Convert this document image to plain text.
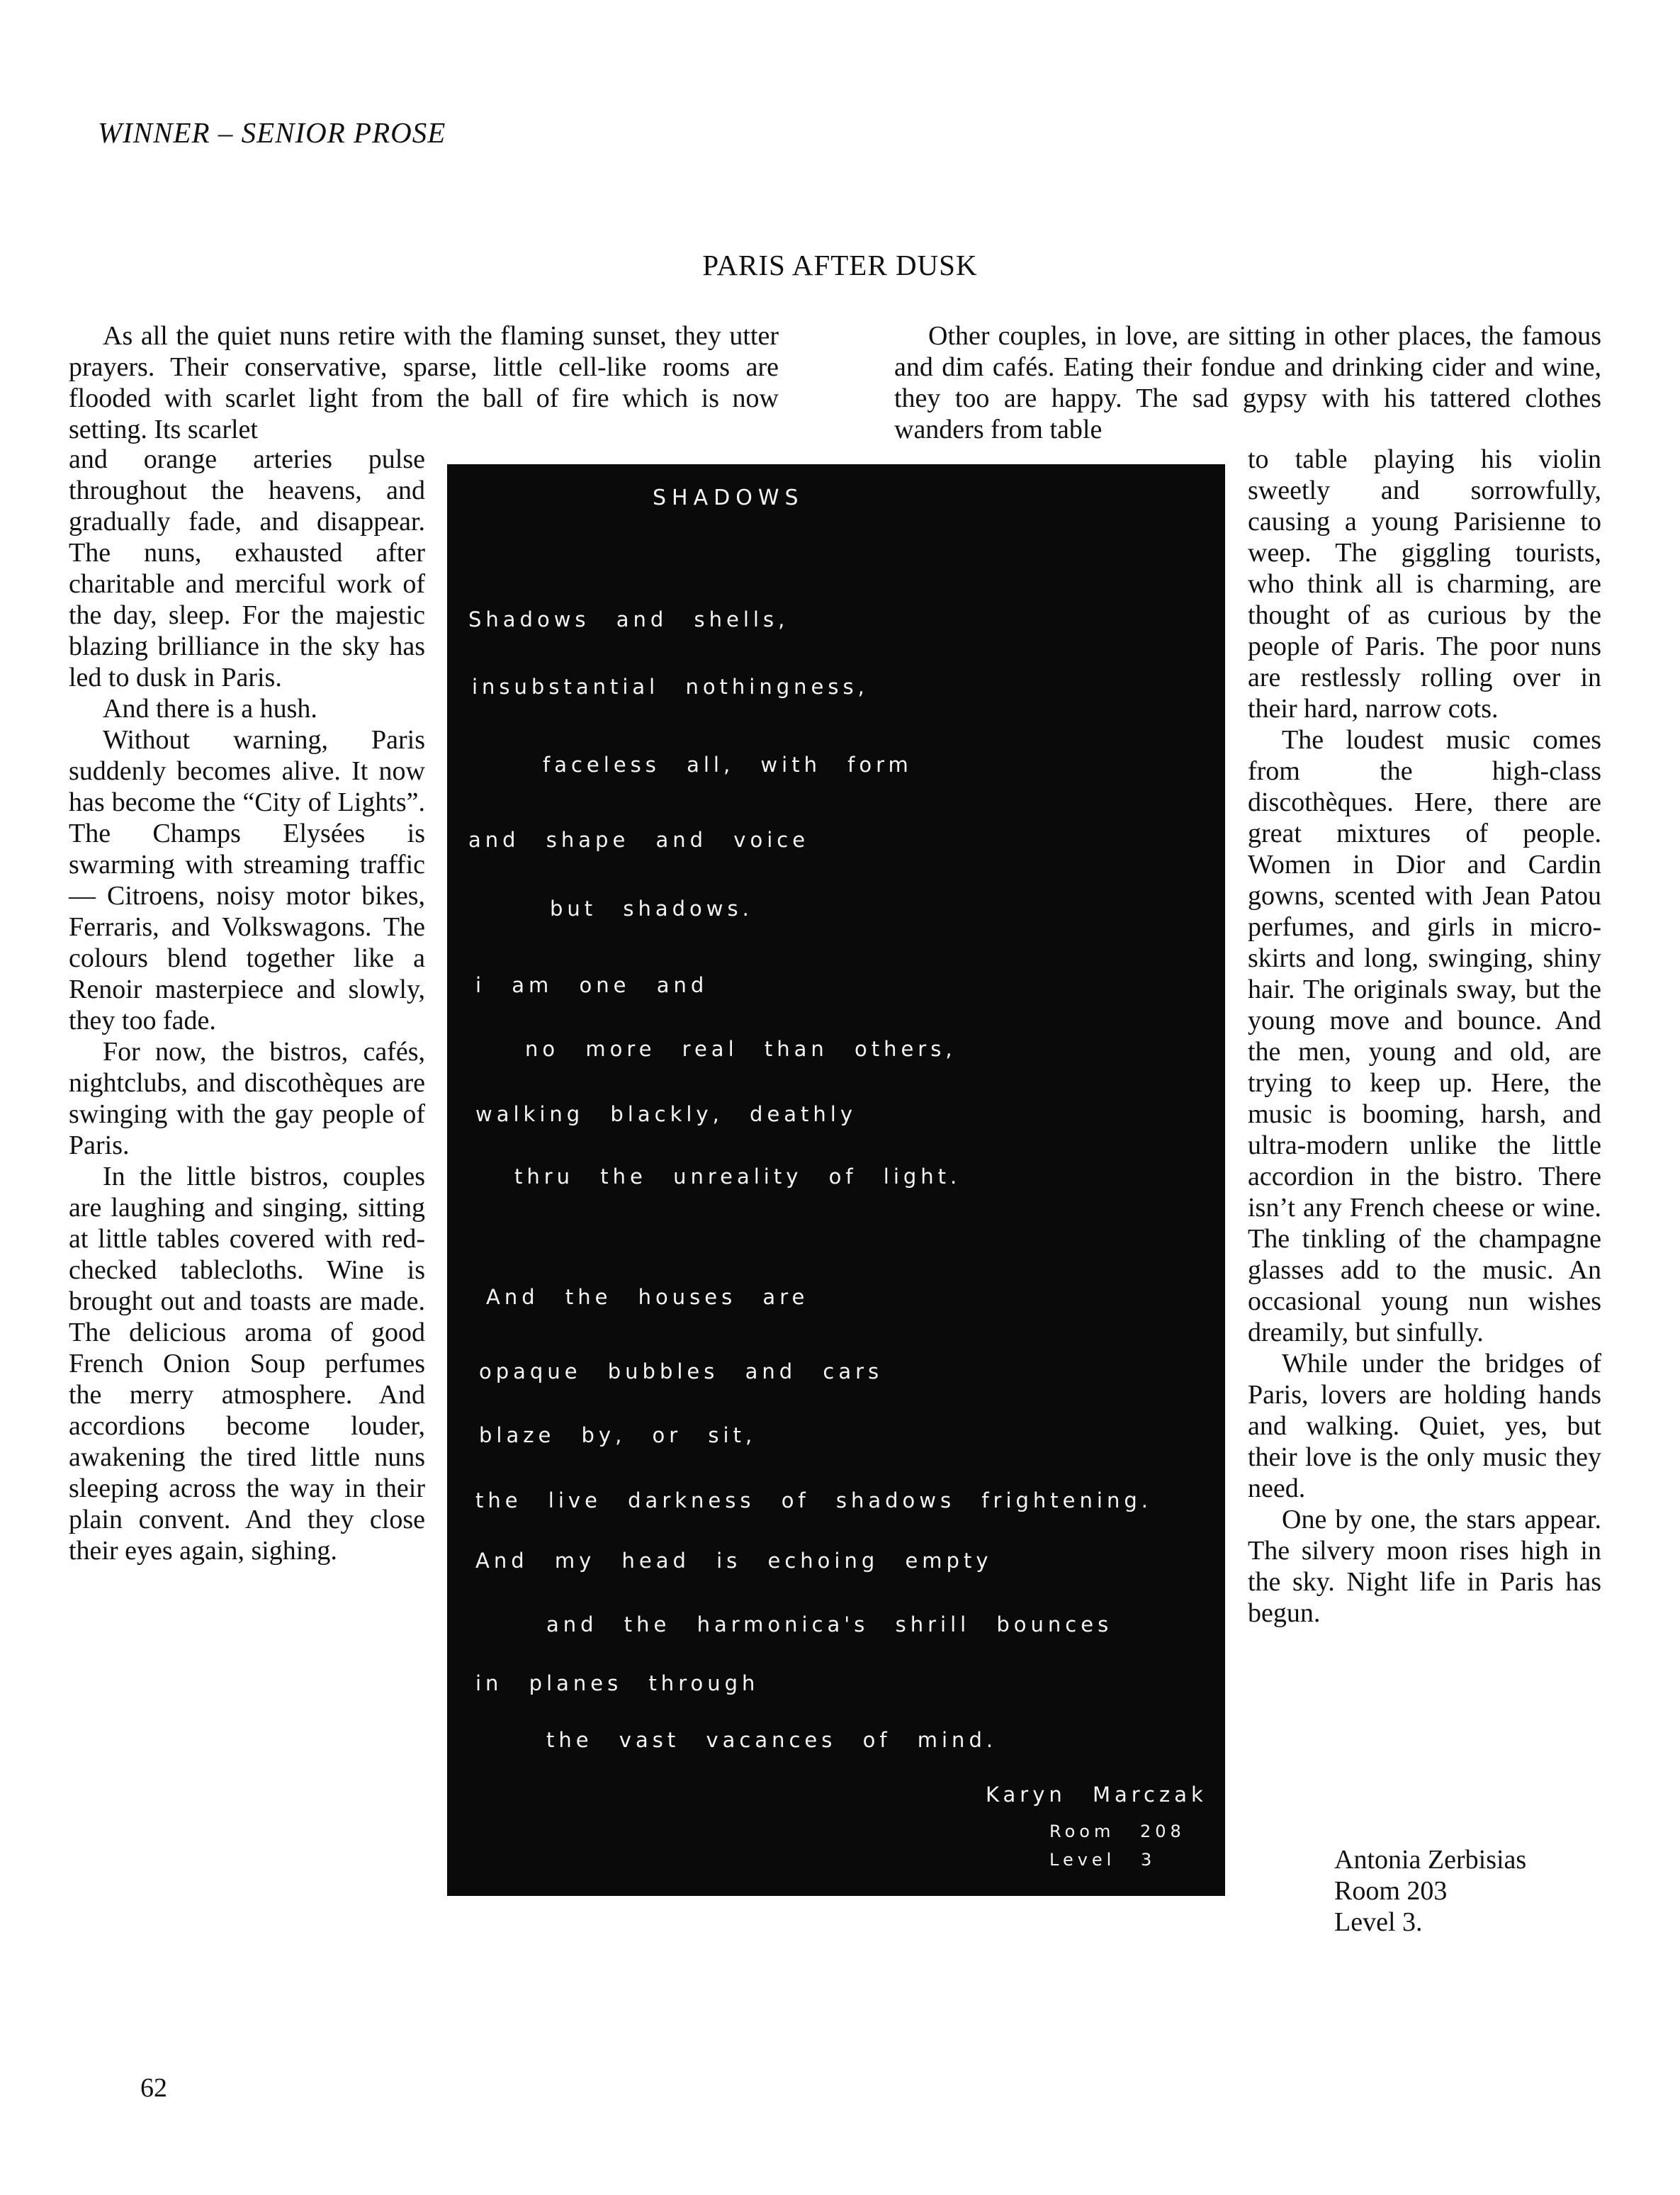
WINNER – SENIOR PROSE
PARIS AFTER DUSK

As all the quiet nuns retire with the flaming sunset, they utter prayers. Their conservative, sparse, little cell-like rooms are flooded with scarlet light from the ball of fire which is now setting. Its scarlet

and orange arteries pulse throughout the heavens, and gradually fade, and disappear. The nuns, exhausted after charitable and merciful work of the day, sleep. For the majestic blazing brilliance in the sky has led to dusk in Paris.

And there is a hush.

Without warning, Paris suddenly becomes alive. It now has become the “City of Lights”. The Champs Elysées is swarming with streaming traffic — Citroens, noisy motor bikes, Ferraris, and Volkswagons. The colours blend together like a Renoir masterpiece and slowly, they too fade.

For now, the bistros, cafés, nightclubs, and discothèques are swinging with the gay people of Paris.

In the little bistros, couples are laughing and singing, sitting at little tables covered with red-checked tablecloths. Wine is brought out and toasts are made. The delicious aroma of good French Onion Soup perfumes the merry atmosphere. And accordions become louder, awakening the tired little nuns sleeping across the way in their plain convent. And they close their eyes again, sighing.

Other couples, in love, are sitting in other places, the famous and dim cafés. Eating their fondue and drinking cider and wine, they too are happy. The sad gypsy with his tattered clothes wanders from table

to table playing his violin sweetly and sorrowfully, causing a young Parisienne to weep. The giggling tourists, who think all is charming, are thought of as curious by the people of Paris. The poor nuns are restlessly rolling over in their hard, narrow cots.

The loudest music comes from the high-class discothèques. Here, there are great mixtures of people. Women in Dior and Cardin gowns, scented with Jean Patou perfumes, and girls in micro-skirts and long, swinging, shiny hair. The originals sway, but the young move and bounce. And the men, young and old, are trying to keep up. Here, the music is booming, harsh, and ultra-modern unlike the little accordion in the bistro. There isn’t any French cheese or wine. The tinkling of the champagne glasses add to the music. An occasional young nun wishes dreamily, but sinfully.

While under the bridges of Paris, lovers are holding hands and walking. Quiet, yes, but their love is the only music they need.

One by one, the stars appear. The silvery moon rises high in the sky. Night life in Paris has begun.

Antonia Zerbisias
Room 203
Level 3.
SHADOWS
Shadows and shells,
insubstantial nothingness,
faceless all, with form
and shape and voice
but shadows.
i am one and
no more real than others,
walking blackly, deathly
thru the unreality of light.
And the houses are
opaque bubbles and cars
blaze by, or sit,
the live darkness of shadows frightening.
And my head is echoing empty
and the harmonica's shrill bounces
in planes through
the vast vacances of mind.
Karyn Marczak
Room 208
Level 3
62
